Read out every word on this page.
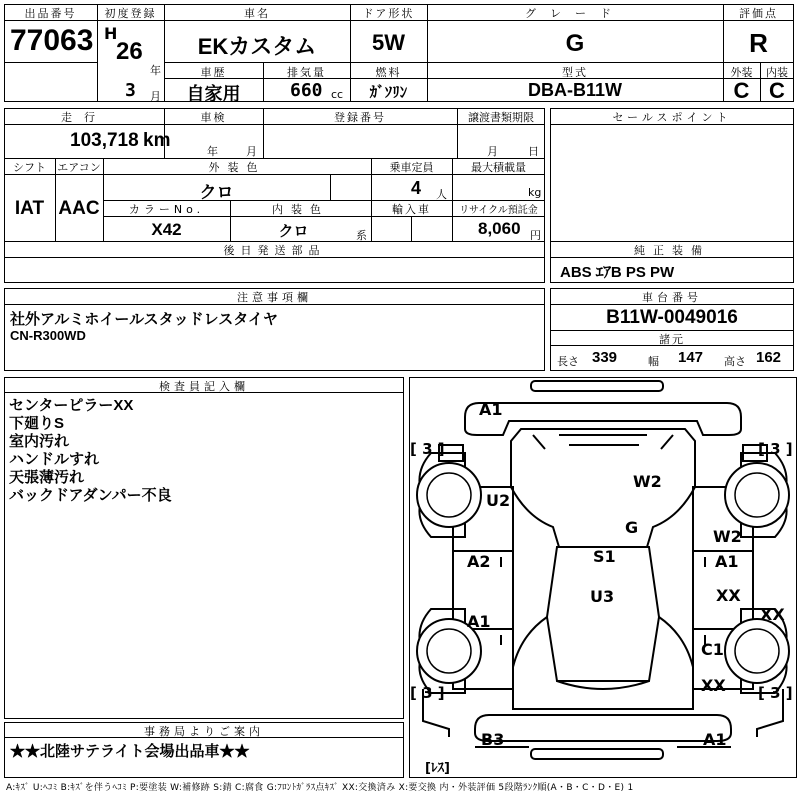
出品番号
77063
初度登録
H
26
年
3 月
車名
EKカスタム
ドア形状
5W
グレード
G
評価点
R
車歴
自家用
排気量
660 cc
燃料
ｶﾞｿﾘﾝ
型式
DBA-B11W
外装
C
内装
C
走行
103,718 km
車検
年	月
登録番号	譲渡書類期限
月	日
シフト
IAT
エアコン
AAC
外装色
クロ
乗車定員
4 人
最大積載量
kg
カラーNo.
X42
内装色
クロ	系
輸入車	リサイクル預託金
8,060 円
後日発送部品
セールスポイント
純正装備
ABS ｴｱB PS PW
注意事項欄
社外アルミホイールスタッドレスタイヤ
CN-R300WD
車台番号
B11W-0049016
諸元
長さ 339	幅 147 高さ 162
検査員記入欄
センターピラーXX
下廻りS
室内汚れ
ハンドルすれ
天張薄汚れ
バックドアダンパー不良
事務局よりご案内
★★北陸サテライト会場出品車★★
A1
W2
U2
G	W2
A2	S1	A1
U3	XX
XX
A1
C1
XX
B3	A1
[ 3 ]	[ 3 ]
[ 3 ]	[ 3 ]
[ﾚｽ]
A:ｷｽﾞ U:ﾍｺﾐ B:ｷｽﾞを伴うﾍｺﾐ P:要塗装 W:補修跡 S:錆 C:腐食 G:ﾌﾛﾝﾄｶﾞﾗｽ点ｷｽﾞ XX:交換済み X:要交換 内・外装評価 5段階ﾗﾝｸ順(A・B・C・D・E) 1
